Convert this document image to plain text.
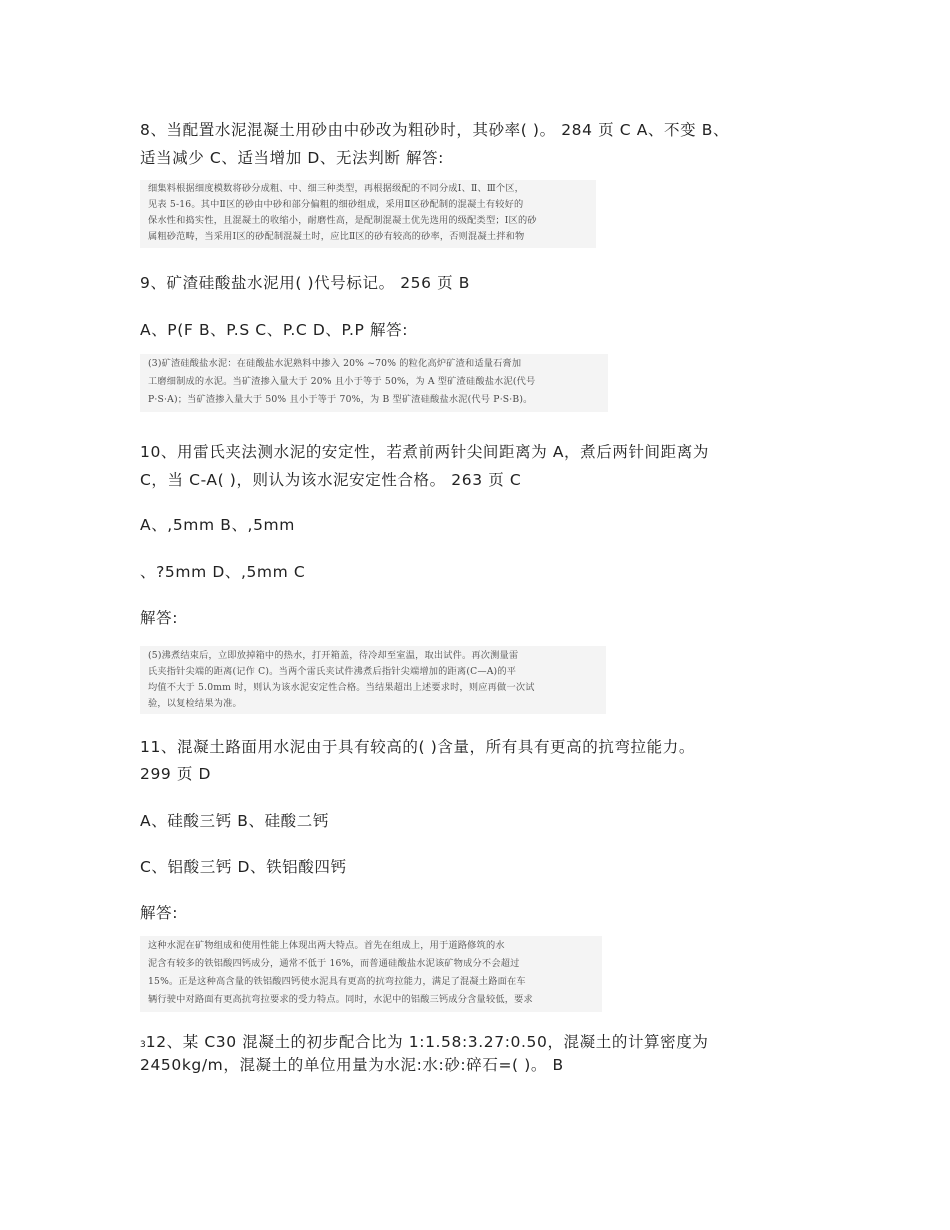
8、当配置水泥混凝土用砂由中砂改为粗砂时，其砂率( )。 284 页 C A、不变 B、
适当减少 C、适当增加 D、无法判断 解答:
细集料根据细度模数将砂分成粗、中、细三种类型，再根据级配的不同分成Ⅰ、Ⅱ、Ⅲ个区，
见表 5-16。其中Ⅱ区的砂由中砂和部分偏粗的细砂组成，采用Ⅱ区砂配制的混凝土有较好的
保水性和捣实性，且混凝土的收缩小，耐磨性高，是配制混凝土优先选用的级配类型；Ⅰ区的砂
属粗砂范畴，当采用Ⅰ区的砂配制混凝土时，应比Ⅱ区的砂有较高的砂率，否则混凝土拌和物
9、矿渣硅酸盐水泥用( )代号标记。 256 页 B
A、P(F B、P.S C、P.C D、P.P 解答:
(3)矿渣硅酸盐水泥：在硅酸盐水泥熟料中掺入 20% ~70% 的粒化高炉矿渣和适量石膏加
工磨细制成的水泥。当矿渣掺入量大于 20% 且小于等于 50%，为 A 型矿渣硅酸盐水泥(代号
P·S·A)；当矿渣掺入量大于 50% 且小于等于 70%，为 B 型矿渣硅酸盐水泥(代号 P·S·B)。
10、用雷氏夹法测水泥的安定性，若煮前两针尖间距离为 A，煮后两针间距离为
C，当 C-A( )，则认为该水泥安定性合格。 263 页 C
A、,5mm B、,5mm
、?5mm D、,5mm C
解答:
(5)沸煮结束后，立即放掉箱中的热水，打开箱盖，待冷却至室温，取出试件。再次测量雷
氏夹指针尖端的距离(记作 C)。当两个雷氏夹试件沸煮后指针尖端增加的距离(C—A)的平
均值不大于 5.0mm 时，则认为该水泥安定性合格。当结果超出上述要求时，则应再做一次试
验，以复检结果为准。
11、混凝土路面用水泥由于具有较高的( )含量，所有具有更高的抗弯拉能力。
299 页 D
A、硅酸三钙 B、硅酸二钙
C、铝酸三钙 D、铁铝酸四钙
解答:
这种水泥在矿物组成和使用性能上体现出两大特点。首先在组成上，用于道路修筑的水
泥含有较多的铁铝酸四钙成分，通常不低于 16%，而普通硅酸盐水泥该矿物成分不会超过
15%。正是这种高含量的铁铝酸四钙使水泥具有更高的抗弯拉能力，满足了混凝土路面在车
辆行驶中对路面有更高抗弯拉要求的受力特点。同时，水泥中的铝酸三钙成分含量较低，要求
312、某 C30 混凝土的初步配合比为 1:1.58:3.27:0.50，混凝土的计算密度为
2450kg/m，混凝土的单位用量为水泥:水:砂:碎石=( )。 B
